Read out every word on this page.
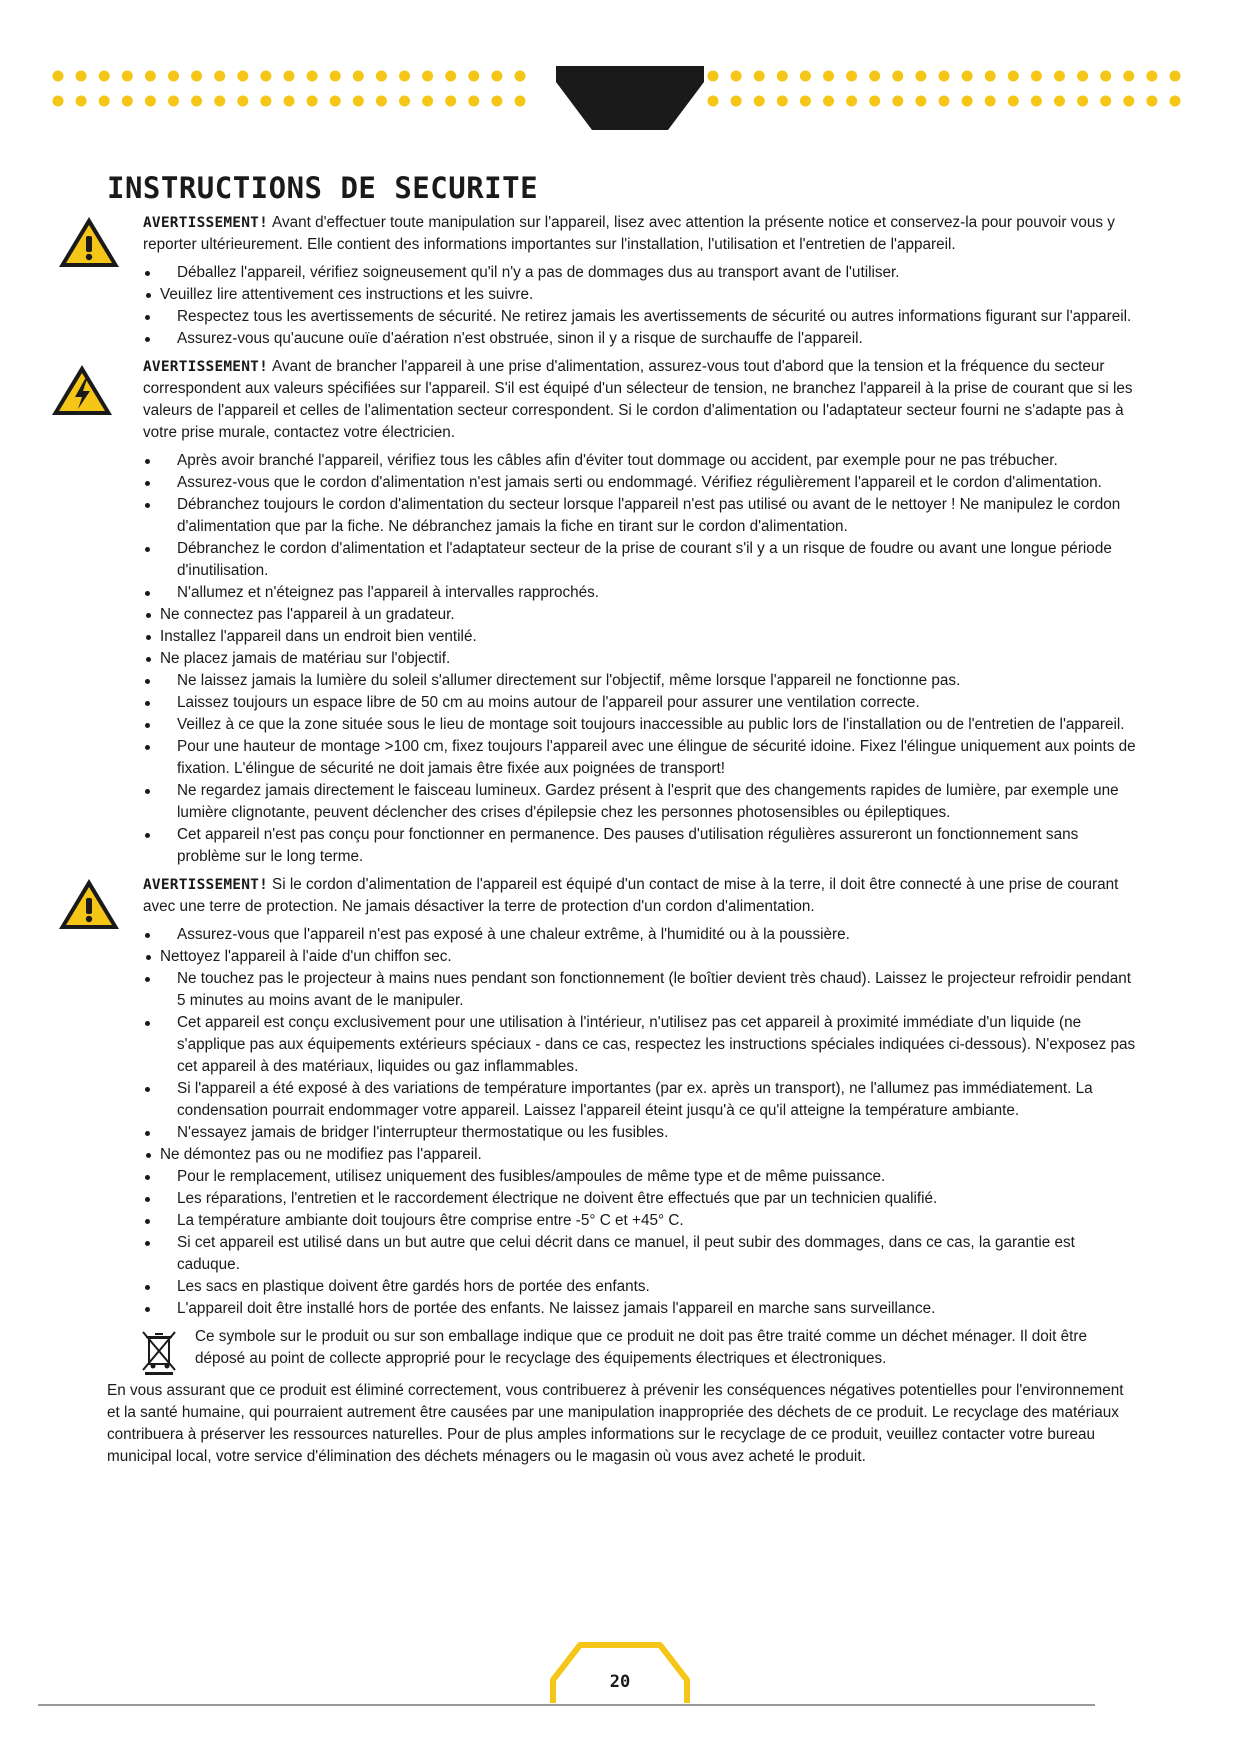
INSTRUCTIONS DE SECURITE

AVERTISSEMENT! Avant d'effectuer toute manipulation sur l'appareil, lisez avec attention la présente notice et conservez-la pour pouvoir vous y reporter ultérieurement. Elle contient des informations importantes sur l'installation, l'utilisation et l'entretien de l'appareil.

Déballez l'appareil, vérifiez soigneusement qu'il n'y a pas de dommages dus au transport avant de l'utiliser.
Veuillez lire attentivement ces instructions et les suivre.
Respectez tous les avertissements de sécurité. Ne retirez jamais les avertissements de sécurité ou autres informations figurant sur l'appareil.
Assurez-vous qu'aucune ouïe d'aération n'est obstruée, sinon il y a risque de surchauffe de l'appareil.

AVERTISSEMENT! Avant de brancher l'appareil à une prise d'alimentation, assurez-vous tout d'abord que la tension et la fréquence du secteur correspondent aux valeurs spécifiées sur l'appareil. S'il est équipé d'un sélecteur de tension, ne branchez l'appareil à la prise de courant que si les valeurs de l'appareil et celles de l'alimentation secteur correspondent. Si le cordon d'alimentation ou l'adaptateur secteur fourni ne s'adapte pas à votre prise murale, contactez votre électricien.

Après avoir branché l'appareil, vérifiez tous les câbles afin d'éviter tout dommage ou accident, par exemple pour ne pas trébucher.
Assurez-vous que le cordon d'alimentation n'est jamais serti ou endommagé. Vérifiez régulièrement l'appareil et le cordon d'alimentation.
Débranchez toujours le cordon d'alimentation du secteur lorsque l'appareil n'est pas utilisé ou avant de le nettoyer ! Ne manipulez le cordon d'alimentation que par la fiche. Ne débranchez jamais la fiche en tirant sur le cordon d'alimentation.
Débranchez le cordon d'alimentation et l'adaptateur secteur de la prise de courant s'il y a un risque de foudre ou avant une longue période d'inutilisation.
N'allumez et n'éteignez pas l'appareil à intervalles rapprochés.
Ne connectez pas l'appareil à un gradateur.
Installez l'appareil dans un endroit bien ventilé.
Ne placez jamais de matériau sur l'objectif.
Ne laissez jamais la lumière du soleil s'allumer directement sur l'objectif, même lorsque l'appareil ne fonctionne pas.
Laissez toujours un espace libre de 50 cm au moins autour de l'appareil pour assurer une ventilation correcte.
Veillez à ce que la zone située sous le lieu de montage soit toujours inaccessible au public lors de l'installation ou de l'entretien de l'appareil.
Pour une hauteur de montage >100 cm, fixez toujours l'appareil avec une élingue de sécurité idoine. Fixez l'élingue uniquement aux points de fixation. L'élingue de sécurité ne doit jamais être fixée aux poignées de transport!
Ne regardez jamais directement le faisceau lumineux. Gardez présent à l'esprit que des changements rapides de lumière, par exemple une lumière clignotante, peuvent déclencher des crises d'épilepsie chez les personnes photosensibles ou épileptiques.
Cet appareil n'est pas conçu pour fonctionner en permanence. Des pauses d'utilisation régulières assureront un fonctionnement sans problème sur le long terme.

AVERTISSEMENT! Si le cordon d'alimentation de l'appareil est équipé d'un contact de mise à la terre, il doit être connecté à une prise de courant avec une terre de protection. Ne jamais désactiver la terre de protection d'un cordon d'alimentation.

Assurez-vous que l'appareil n'est pas exposé à une chaleur extrême, à l'humidité ou à la poussière.
Nettoyez l'appareil à l'aide d'un chiffon sec.
Ne touchez pas le projecteur à mains nues pendant son fonctionnement (le boîtier devient très chaud). Laissez le projecteur refroidir pendant 5 minutes au moins avant de le manipuler.
Cet appareil est conçu exclusivement pour une utilisation à l'intérieur, n'utilisez pas cet appareil à proximité immédiate d'un liquide (ne s'applique pas aux équipements extérieurs spéciaux - dans ce cas, respectez les instructions spéciales indiquées ci-dessous). N'exposez pas cet appareil à des matériaux, liquides ou gaz inflammables.
Si l'appareil a été exposé à des variations de température importantes (par ex. après un transport), ne l'allumez pas immédiatement. La condensation pourrait endommager votre appareil. Laissez l'appareil éteint jusqu'à ce qu'il atteigne la température ambiante.
N'essayez jamais de bridger l'interrupteur thermostatique ou les fusibles.
Ne démontez pas ou ne modifiez pas l'appareil.
Pour le remplacement, utilisez uniquement des fusibles/ampoules de même type et de même puissance.
Les réparations, l'entretien et le raccordement électrique ne doivent être effectués que par un technicien qualifié.
La température ambiante doit toujours être comprise entre -5° C et +45° C.
Si cet appareil est utilisé dans un but autre que celui décrit dans ce manuel, il peut subir des dommages, dans ce cas, la garantie est caduque.
Les sacs en plastique doivent être gardés hors de portée des enfants.
L'appareil doit être installé hors de portée des enfants. Ne laissez jamais l'appareil en marche sans surveillance.

Ce symbole sur le produit ou sur son emballage indique que ce produit ne doit pas être traité comme un déchet ménager. Il doit être déposé au point de collecte approprié pour le recyclage des équipements électriques et électroniques.

En vous assurant que ce produit est éliminé correctement, vous contribuerez à prévenir les conséquences négatives potentielles pour l'environnement et la santé humaine, qui pourraient autrement être causées par une manipulation inappropriée des déchets de ce produit. Le recyclage des matériaux contribuera à préserver les ressources naturelles. Pour de plus amples informations sur le recyclage de ce produit, veuillez contacter votre bureau municipal local, votre service d'élimination des déchets ménagers ou le magasin où vous avez acheté le produit.

20
